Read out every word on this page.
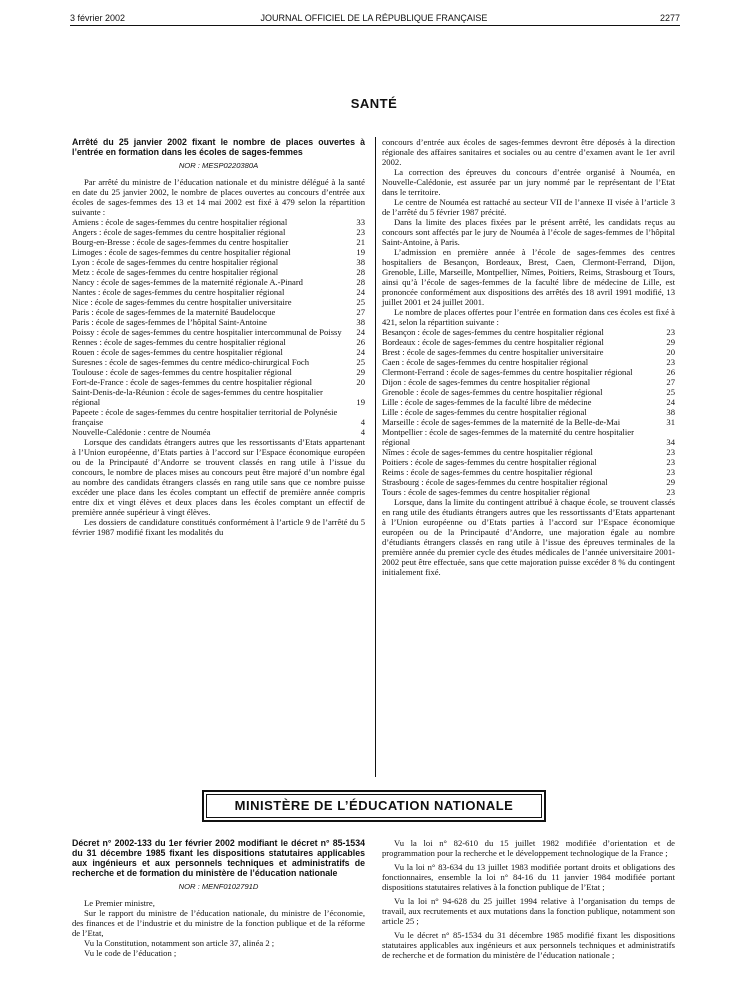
3 février 2002	JOURNAL OFFICIEL DE LA RÉPUBLIQUE FRANÇAISE	2277
SANTÉ

Arrêté du 25 janvier 2002 fixant le nombre de places ouvertes à l’entrée en formation dans les écoles de sages-femmes

NOR : MESP0220380A

Par arrêté du ministre de l’éducation nationale et du ministre délégué à la santé en date du 25 janvier 2002, le nombre de places ouvertes au concours d’entrée aux écoles de sages-femmes des 13 et 14 mai 2002 est fixé à 479 selon la répartition suivante :

Amiens : école de sages-femmes du centre hospitalier régional	33
Angers : école de sages-femmes du centre hospitalier régional	23
Bourg-en-Bresse : école de sages-femmes du centre hospitalier	21
Limoges : école de sages-femmes du centre hospitalier régional	19
Lyon : école de sages-femmes du centre hospitalier régional	38
Metz : école de sages-femmes du centre hospitalier régional	28
Nancy : école de sages-femmes de la maternité régionale A.-Pinard	28
Nantes : école de sages-femmes du centre hospitalier régional	24
Nice : école de sages-femmes du centre hospitalier universitaire	25
Paris : école de sages-femmes de la maternité Baudelocque	27
Paris : école de sages-femmes de l’hôpital Saint-Antoine	38
Poissy : école de sages-femmes du centre hospitalier intercommunal de Poissy	24
Rennes : école de sages-femmes du centre hospitalier régional	26
Rouen : école de sages-femmes du centre hospitalier régional	24
Suresnes : école de sages-femmes du centre médico-chirurgical Foch	25
Toulouse : école de sages-femmes du centre hospitalier régional	29
Fort-de-France : école de sages-femmes du centre hospitalier régional	20
Saint-Denis-de-la-Réunion : école de sages-femmes du centre hospitalier régional	19
Papeete : école de sages-femmes du centre hospitalier territorial de Polynésie française	4
Nouvelle-Calédonie : centre de Nouméa	4

Lorsque des candidats étrangers autres que les ressortissants d’Etats appartenant à l’Union européenne, d’Etats parties à l’accord sur l’Espace économique européen ou de la Principauté d’Andorre se trouvent classés en rang utile à l’issue du concours, le nombre de places mises au concours peut être majoré d’un nombre égal au nombre des candidats étrangers classés en rang utile sans que ce nombre puisse excéder une place dans les écoles comptant un effectif de première année compris entre dix et vingt élèves et deux places dans les écoles comptant un effectif de première année supérieur à vingt élèves.

Les dossiers de candidature constitués conformément à l’article 9 de l’arrêté du 5 février 1987 modifié fixant les modalités du

concours d’entrée aux écoles de sages-femmes devront être déposés à la direction régionale des affaires sanitaires et sociales ou au centre d’examen avant le 1er avril 2002.

La correction des épreuves du concours d’entrée organisé à Nouméa, en Nouvelle-Calédonie, est assurée par un jury nommé par le représentant de l’Etat dans le territoire.

Le centre de Nouméa est rattaché au secteur VII de l’annexe II visée à l’article 3 de l’arrêté du 5 février 1987 précité.

Dans la limite des places fixées par le présent arrêté, les candidats reçus au concours sont affectés par le jury de Nouméa à l’école de sages-femmes de l’hôpital Saint-Antoine, à Paris.

L’admission en première année à l’école de sages-femmes des centres hospitaliers de Besançon, Bordeaux, Brest, Caen, Clermont-Ferrand, Dijon, Grenoble, Lille, Marseille, Montpellier, Nîmes, Poitiers, Reims, Strasbourg et Tours, ainsi qu’à l’école de sages-femmes de la faculté libre de médecine de Lille, est prononcée conformément aux dispositions des arrêtés des 18 avril 1991 modifié, 13 juillet 2001 et 24 juillet 2001.

Le nombre de places offertes pour l’entrée en formation dans ces écoles est fixé à 421, selon la répartition suivante :

Besançon : école de sages-femmes du centre hospitalier régional	23
Bordeaux : école de sages-femmes du centre hospitalier régional	29
Brest : école de sages-femmes du centre hospitalier universitaire	20
Caen : école de sages-femmes du centre hospitalier régional	23
Clermont-Ferrand : école de sages-femmes du centre hospitalier régional	26
Dijon : école de sages-femmes du centre hospitalier régional	27
Grenoble : école de sages-femmes du centre hospitalier régional	25
Lille : école de sages-femmes de la faculté libre de médecine	24
Lille : école de sages-femmes du centre hospitalier régional	38
Marseille : école de sages-femmes de la maternité de la Belle-de-Mai	31
Montpellier : école de sages-femmes de la maternité du centre hospitalier régional	34
Nîmes : école de sages-femmes du centre hospitalier régional	23
Poitiers : école de sages-femmes du centre hospitalier régional	23
Reims : école de sages-femmes du centre hospitalier régional	23
Strasbourg : école de sages-femmes du centre hospitalier régional	29
Tours : école de sages-femmes du centre hospitalier régional	23

Lorsque, dans la limite du contingent attribué à chaque école, se trouvent classés en rang utile des étudiants étrangers autres que les ressortissants d’Etats appartenant à l’Union européenne ou d’Etats parties à l’accord sur l’Espace économique européen ou de la Principauté d’Andorre, une majoration égale au nombre d’étudiants étrangers classés en rang utile à l’issue des épreuves terminales de la première année du premier cycle des études médicales de l’année universitaire 2001-2002 peut être effectuée, sans que cette majoration puisse excéder 8 % du contingent initialement fixé.

MINISTÈRE DE L’ÉDUCATION NATIONALE

Décret n° 2002-133 du 1er février 2002 modifiant le décret n° 85-1534 du 31 décembre 1985 fixant les dispositions statutaires applicables aux ingénieurs et aux personnels techniques et administratifs de recherche et de formation du ministère de l’éducation nationale

NOR : MENF0102791D

Le Premier ministre,

Sur le rapport du ministre de l’éducation nationale, du ministre de l’économie, des finances et de l’industrie et du ministre de la fonction publique et de la réforme de l’Etat,

Vu la Constitution, notamment son article 37, alinéa 2 ;

Vu le code de l’éducation ;

Vu la loi n° 82-610 du 15 juillet 1982 modifiée d’orientation et de programmation pour la recherche et le développement technologique de la France ;

Vu la loi n° 83-634 du 13 juillet 1983 modifiée portant droits et obligations des fonctionnaires, ensemble la loi n° 84-16 du 11 janvier 1984 modifiée portant dispositions statutaires relatives à la fonction publique de l’Etat ;

Vu la loi n° 94-628 du 25 juillet 1994 relative à l’organisation du temps de travail, aux recrutements et aux mutations dans la fonction publique, notamment son article 25 ;

Vu le décret n° 85-1534 du 31 décembre 1985 modifié fixant les dispositions statutaires applicables aux ingénieurs et aux personnels techniques et administratifs de recherche et de formation du ministère de l’éducation nationale ;
